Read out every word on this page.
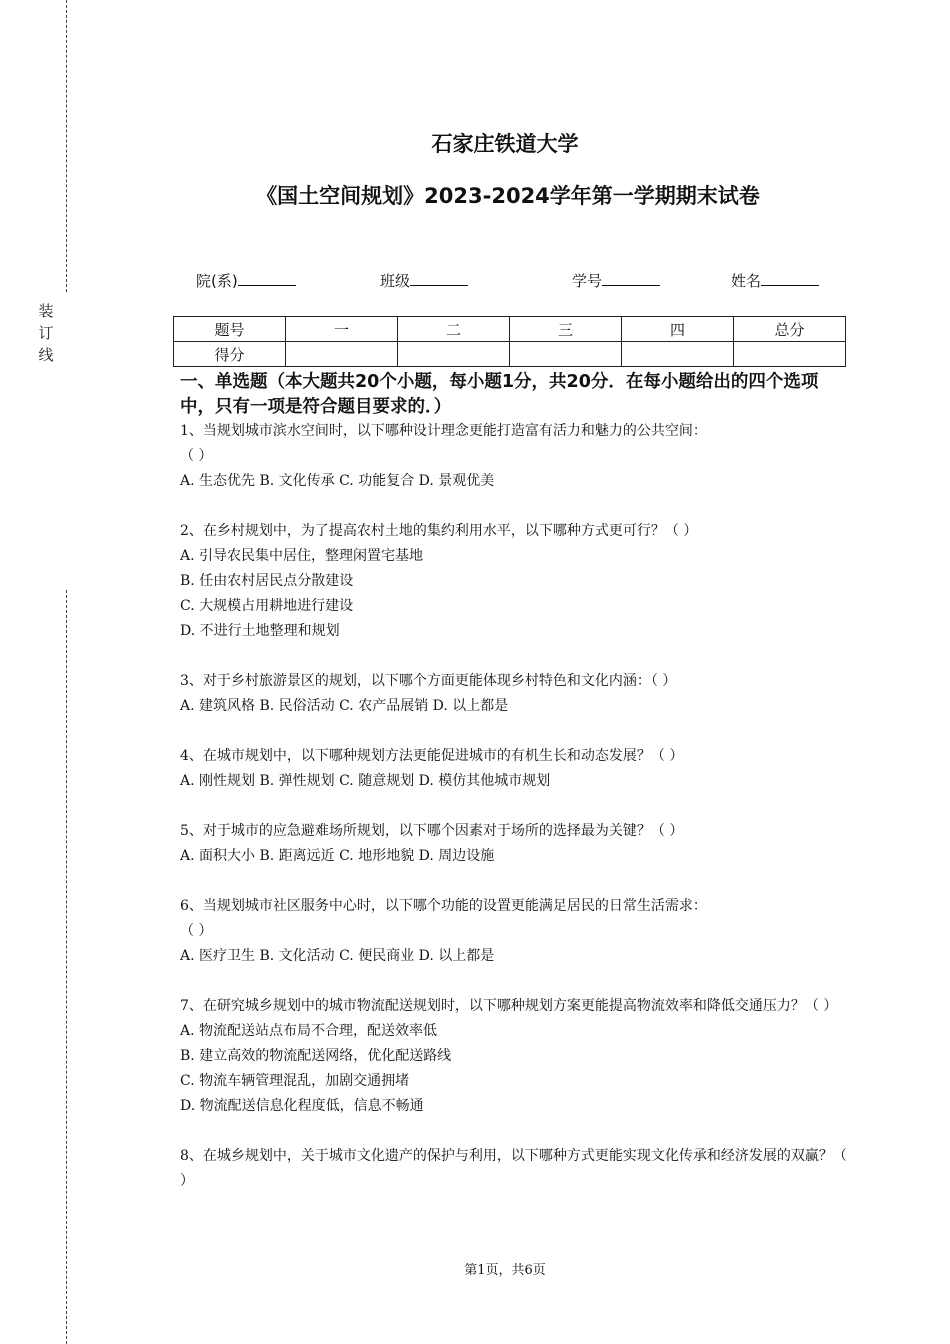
装
订
线
石家庄铁道大学
《国土空间规划》2023-2024学年第一学期期末试卷
院(系)	班级	学号	姓名
题号	一	二	三	四	总分
得分					
一、单选题（本大题共20个小题，每小题1分，共20分．在每小题给出的四个选项中，只有一项是符合题目要求的．）

1、当规划城市滨水空间时，以下哪种设计理念更能打造富有活力和魅力的公共空间：

（ ）

A. 生态优先 B. 文化传承 C. 功能复合 D. 景观优美

2、在乡村规划中，为了提高农村土地的集约利用水平，以下哪种方式更可行？（ ）

A. 引导农民集中居住，整理闲置宅基地

B. 任由农村居民点分散建设

C. 大规模占用耕地进行建设

D. 不进行土地整理和规划

3、对于乡村旅游景区的规划，以下哪个方面更能体现乡村特色和文化内涵：（ ）

A. 建筑风格 B. 民俗活动 C. 农产品展销 D. 以上都是

4、在城市规划中，以下哪种规划方法更能促进城市的有机生长和动态发展？（ ）

A. 刚性规划 B. 弹性规划 C. 随意规划 D. 模仿其他城市规划

5、对于城市的应急避难场所规划，以下哪个因素对于场所的选择最为关键？（ ）

A. 面积大小 B. 距离远近 C. 地形地貌 D. 周边设施

6、当规划城市社区服务中心时，以下哪个功能的设置更能满足居民的日常生活需求：

（ ）

A. 医疗卫生 B. 文化活动 C. 便民商业 D. 以上都是

7、在研究城乡规划中的城市物流配送规划时，以下哪种规划方案更能提高物流效率和降低交通压力？（ ）

A. 物流配送站点布局不合理，配送效率低

B. 建立高效的物流配送网络，优化配送路线

C. 物流车辆管理混乱，加剧交通拥堵

D. 物流配送信息化程度低，信息不畅通

8、在城乡规划中，关于城市文化遗产的保护与利用，以下哪种方式更能实现文化传承和经济发展的双赢？（ ）

第1页，共6页
